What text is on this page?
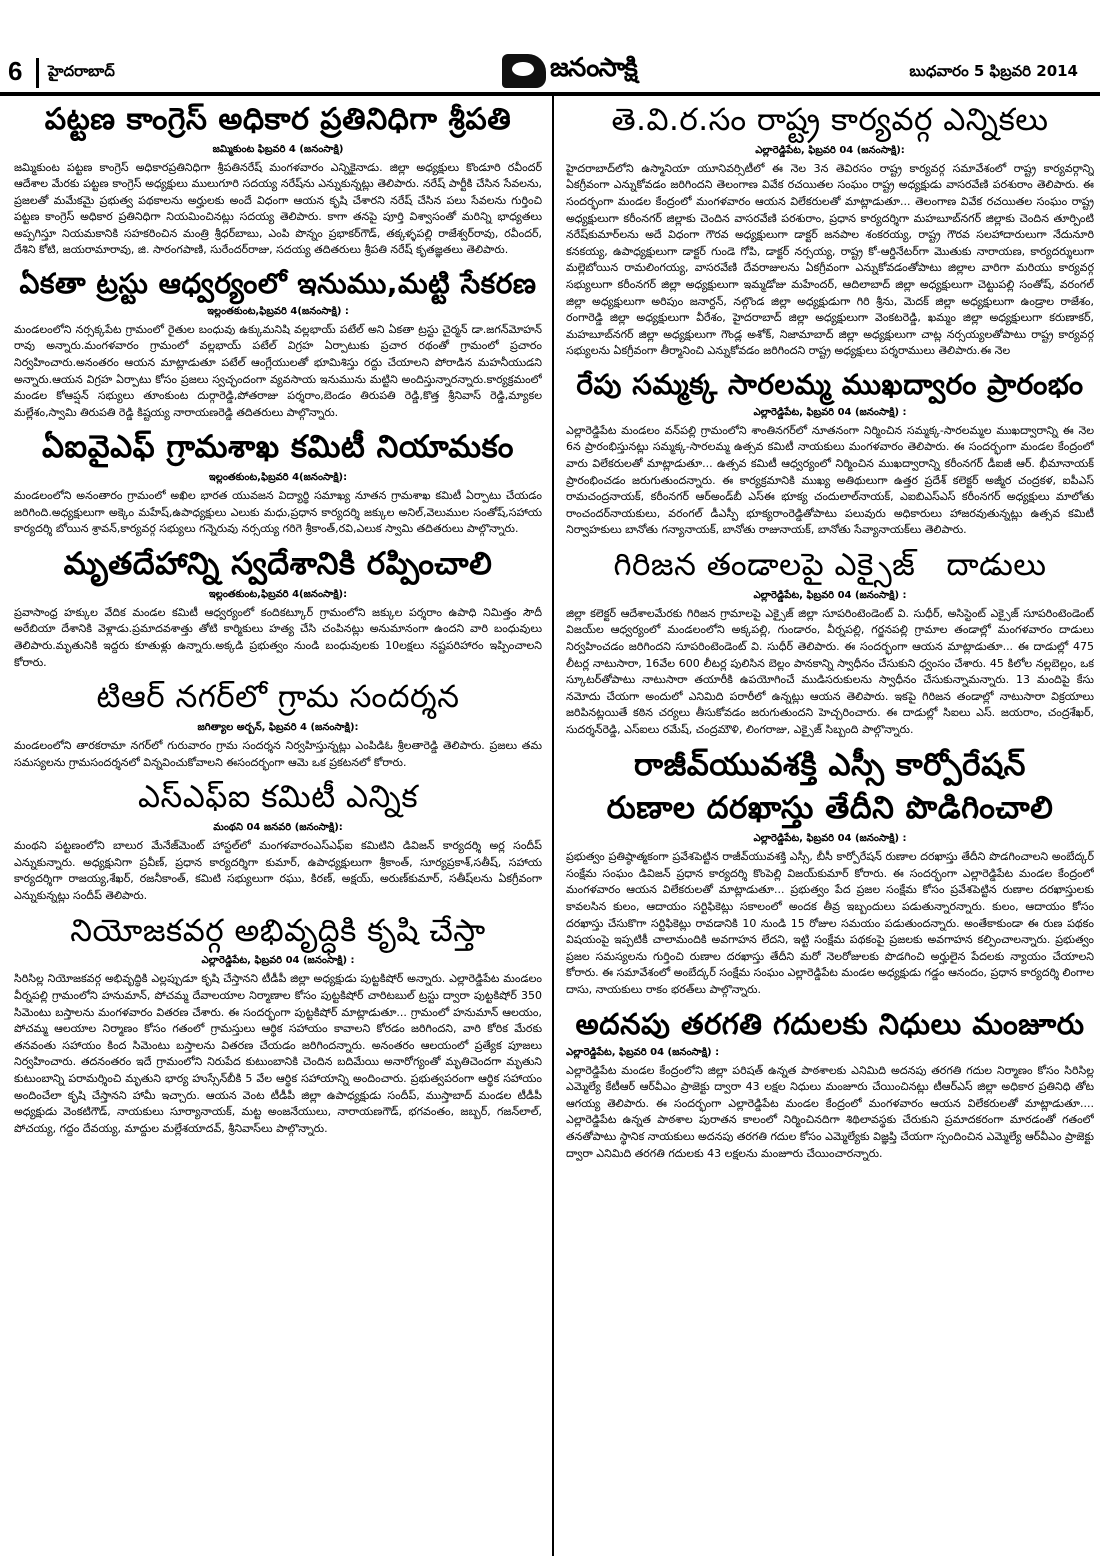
6 హైదరాబాద్	జనంసాక్షి	బుధవారం 5 ఫిబ్రవరి 2014
పట్టణ కాంగ్రెస్ అధికార ప్రతినిధిగా శ్రీపతి
జమ్మికుంట ఫిబ్రవరి 4 (జనంసాక్షి)

జమ్మికుంట పట్టణ కాంగ్రెస్ అధికారప్రతినిధిగా శ్రీపతినరేష్ మంగళవారం ఎన్నికైనాడు. జిల్లా అధ్యక్షులు కొండూరి రవీందర్ ఆదేశాల మేరకు పట్టణ కాంగ్రెస్ అధ్యక్షులు ములుగూరి సదయ్య నరేష్‌ను ఎన్నుకున్నట్లు తెలిపారు. నరేష్ పార్టీకి చేసిన సేవలను, ప్రజలతో మమేకమై ప్రభుత్వ పథకాలను అర్హులకు అందే విధంగా ఆయన కృషి చేశారని నరేష్ చేసిన పలు సేవలను గుర్తించి పట్టణ కాంగ్రెస్ అధికార ప్రతినిధిగా నియమించినట్లు సదయ్య తెలిపారు. కాగా తనపై పూర్తి విశ్వాసంతో మరిన్ని భాధ్యతలు అప్పగిస్తూ నియమకానికి సహకరించిన మంత్రి శ్రీధర్‌బాబు, ఎంపి పొన్నం ప్రభాకర్‌గౌడ్, తక్కళ్ళపల్లి రాజేశ్వర్‌రావు, రవీందర్, దేశిని కోటి, జయరామారావు, జి. సారంగపాణి, సురేందర్‌రాజు, సదయ్య తదితరులు శ్రీపతి నరేష్ కృతజ్ఞతలు తెలిపారు.

ఏకతా ట్రస్టు ఆధ్వర్యంలో ఇనుము,మట్టి సేకరణ
ఇల్లంతకుంట,ఫిబ్రవరి 4(జనంసాక్షి) :

మండలంలోని నర్సక్కపేట గ్రామంలో రైతుల బంధువు ఉక్కుమనిషి వల్లభాయ్ పటేల్ అని ఏకతా ట్రస్టు చైర్మన్ డా.జగన్‌మోహన్ రావు అన్నారు.మంగళవారం గ్రామంలో వల్లభాయ్ పటేల్ విగ్రహ ఏర్పాటుకు ప్రచార రథంతో గ్రామంలో ప్రచారం నిర్వహించారు.అనంతరం ఆయన మాట్లాడుతూ పటేల్ ఆంగ్లేయులతో భూమిశిస్తు రద్దు చేయాలని పోరాడిన మహనీయుడని అన్నారు.ఆయన విగ్రహ ఏర్పాటు కోసం ప్రజలు స్వచ్ఛందంగా వ్యవసాయ ఇనుమును మట్టిని అందిస్తున్నారన్నారు.కార్యక్రమంలో మండల కోఆప్షన్ సభ్యులు తూంకుంట దుర్గారెడ్డి,పోతరాజు పర్శరాం,బెండం తిరుపతి రెడ్డి,కొత్త శ్రీనివాస్ రెడ్డి,మ్యాకల మల్లేశం,స్వామి తిరుపతి రెడ్డి కిష్టయ్య నారాయణరెడ్డి తదితరులు పాల్గొన్నారు.

ఏఐవైఎఫ్ గ్రామశాఖ కమిటీ నియామకం
ఇల్లంతకుంట,ఫిబ్రవరి 4(జనంసాక్షి):

మండలంలోని అనంతారం గ్రామంలో అఖిల భారత యువజన విద్యార్థి సమాఖ్య నూతన గ్రామశాఖ కమిటీ ఏర్పాటు చేయడం జరిగింది.అధ్యక్షులుగా అక్కెం మహేష్,ఉపాధ్యక్షులు ఎలుకు మధు,ప్రధాన కార్యదర్శి జక్కుల అనిల్,వెలుముల సంతోష్,సహాయ కార్యదర్శి బోయిన శ్రావన్,కార్యవర్గ సభ్యులు గన్నెరువు నర్సయ్య గరిగె శ్రీకాంత్,రవి,ఎలుక స్వామి తదితరులు పాల్గొన్నారు.

మృతదేహాన్ని స్వదేశానికి రప్పించాలి
ఇల్లంతకుంట,ఫిబ్రవరి 4(జనంసాక్షి):

ప్రవాసాంధ్ర హక్కుల వేదిక మండల కమిటీ ఆధ్వర్యంలో కందికట్కూర్ గ్రామంలోని జక్కుల పర్శరాం ఉపాధి నిమిత్తం సౌదీ అరేబియా దేశానికి వెళ్లాడు.ప్రమాదవశాత్తు తోటి కార్మికులు హత్య చేసి చంపినట్లు అనుమానంగా ఉందని వారి బంధువులు తెలిపారు.మృతునికి ఇద్దరు కూతుళ్లు ఉన్నారు.అక్కడి ప్రభుత్వం నుండి బంధువులకు 10లక్షలు నష్టపరిహారం ఇప్పించాలని కోరారు.

టిఆర్ నగర్‌లో గ్రామ సందర్శన
జగిత్యాల అర్బన్, ఫిబ్రవరి 4 (జనంసాక్షి):

మండలంలోని తారకరామా నగర్‌లో గురువారం గ్రామ సందర్శన నిర్వహిస్తున్నట్లు ఎంపిడిఓ శ్రీలతారెడ్డి తెలిపారు. ప్రజలు తమ సమస్యలను గ్రామసందర్శనలో విన్నవించుకోవాలని ఈసందర్భంగా ఆమె ఒక ప్రకటనలో కోరారు.

ఎస్‌ఎఫ్ఐ కమిటీ ఎన్నిక
మంథని 04 జనవరి (జనంసాక్షి):

మంథని పట్టణంలోని బాలుర మేనేజ్‌మెంట్ హాస్టల్‌లో మంగళవారంఎస్‌ఎఫ్ఐ కమిటిని డివిజన్ కార్యదర్శి అర్ల సందీప్ ఎన్నుకున్నారు. అధ్యక్షునిగా ప్రవీణ్, ప్రధాన కార్యదర్శిగా కుమార్, ఉపాధ్యక్షులుగా శ్రీకాంత్, సూర్యప్రకాశ్,సతీష్, సహాయ కార్యదర్శిగా రాజయ్య,శేఖర్, రజనీకాంత్, కమిటి సభ్యులుగా రఘు, కిరణ్, అక్షయ్, అరుణ్‌కుమార్, సతీష్‌లను ఏకగ్రీవంగా ఎన్నుకున్నట్లు సందీప్ తెలిపారు.

నియోజకవర్గ అభివృద్ధికి కృషి చేస్తా
ఎల్లారెడ్డిపేట, ఫిబ్రవరి 04 (జనంసాక్షి) :

సిరిసిల్ల నియోజకవర్గ అభివృద్ధికి ఎల్లప్పుడూ కృషి చేస్తానని టీడీపీ జిల్లా అధ్యక్షుడు పుట్టకిషోర్ అన్నారు. ఎల్లారెడ్డిపేట మండలం వీర్నపల్లి గ్రామంలోని హనుమాన్, పోచమ్మ దేవాలయాల నిర్మాణాల కోసం పుట్టకిషోర్ చారిటబుల్ ట్రస్టు ద్వారా పుట్టకిషోర్ 350 సిమెంటు బస్తాలను మంగళవారం వితరణ చేశారు. ఈ సందర్భంగా పుట్టకిషోర్ మాట్లాడుతూ... గ్రామంలో హనుమాన్ ఆలయం, పోచమ్మ ఆలయాల నిర్మాణం కోసం గతంలో గ్రామస్తులు ఆర్థిక సహాయం కావాలని కోరడం జరిగిందని, వారి కోరిక మేరకు తనవంతు సహాయం కింద సిమెంటు బస్తాలను వితరణ చేయడం జరిగిందన్నారు. అనంతరం ఆలయంలో ప్రత్యేక పూజలు నిర్వహించారు. తదనంతరం ఇదే గ్రామంలోని నిరుపేద కుటుంబానికి చెందిన బదిమేయి అనారోగ్యంతో మృతిచెందగా మృతుని కుటుంబాన్ని పరామర్శించి మృతుని భార్య హుస్సేన్‌బీకి 5 వేల ఆర్థిక సహాయాన్ని అందించారు. ప్రభుత్వపరంగా ఆర్థిక సహాయం అందించేలా కృషి చేస్తానని హామీ ఇచ్చారు. ఆయన వెంట టీడీపీ జిల్లా ఉపాధ్యక్షుడు సందీప్, ముస్తాబాద్ మండల టీడీపీ అధ్యక్షుడు వెంకటిగౌడ్, నాయకులు సూర్యానాయక్, మట్ట అంజనేయులు, నారాయణగౌడ్, భగవంతం, జబ్బర్, గజన్‌లాల్, పోచయ్య, గద్దం దేవయ్య, మాద్దుల మల్లేశయాదవ్, శ్రీనివాస్‌లు పాల్గొన్నారు.

తె.వి.ర.సం రాష్ట్ర కార్యవర్గ ఎన్నికలు
ఎల్లారెడ్డిపేట, ఫిబ్రవరి 04 (జనంసాక్షి):

హైదరాబాద్‌లోని ఉస్మానియా యూనివర్సిటీలో ఈ నెల 3న తెవిరసం రాష్ట్ర కార్యవర్గ సమావేశంలో రాష్ట్ర కార్యవర్గాన్ని ఏకగ్రీవంగా ఎన్నుకోవడం జరిగిందని తెలంగాణ వివేక రచయితల సంఘం రాష్ట్ర అధ్యక్షుడు వాసరవేణి పరశురాం తెలిపారు. ఈ సందర్భంగా మండల కేంద్రంలో మంగళవారం ఆయన విలేకరులతో మాట్లాడుతూ... తెలంగాణ వివేక రచయితల సంఘం రాష్ట్ర అధ్యక్షులుగా కరీంనగర్ జిల్లాకు చెందిన వాసరవేణి పరశురాం, ప్రధాన కార్యదర్శిగా మహబూబ్‌నగర్ జిల్లాకు చెందిన తూర్పింటి నరేష్‌కుమార్‌లను అదే విధంగా గౌరవ అధ్యక్షులుగా డాక్టర్ జనపాల శంకరయ్య, రాష్ట్ర గౌరవ సలహాదారులుగా నేదునూరి కనకయ్య, ఉపాధ్యక్షులుగా డాక్టర్ గుండె గోపి, డాక్టర్ నర్సయ్య, రాష్ట్ర కో-ఆర్డినేటర్‌గా మొతుకు నారాయణ, కార్యదర్శులుగా మల్లెబోయిన రామలింగయ్య, వాసరవేణి దేవరాజులను ఏకగ్రీవంగా ఎన్నుకోవడంతోపాటు జిల్లాల వారిగా మరియు కార్యవర్గ సభ్యులుగా కరీంనగర్ జిల్లా అధ్యక్షులుగా ఇమ్మడోజు మహేందర్, ఆదిలాబాద్ జిల్లా అధ్యక్షులుగా చెట్టుపల్లి సంతోష్, వరంగల్ జిల్లా అధ్యక్షులుగా అరిపుం జనార్దన్, నల్గొండ జిల్లా అధ్యక్షుడుగా గిరి శ్రీను, మెదక్ జిల్లా అధ్యక్షులుగా ఉండ్రాల రాజేశం, రంగారెడ్డి జిల్లా అధ్యక్షులుగా వీరేశం, హైదరాబాద్ జిల్లా అధ్యక్షులుగా వెంకటరెడ్డి, ఖమ్మం జిల్లా అధ్యక్షులుగా కరుణాకర్, మహబూబ్‌నగర్ జిల్లా అధ్యక్షులుగా గౌండ్ల అశోక్, నిజామాబాద్ జిల్లా అధ్యక్షులుగా చాట్ల నర్సయ్యలతోపాటు రాష్ట్ర కార్యవర్గ సభ్యులను ఏకగ్రీవంగా తీర్మానించి ఎన్నుకోవడం జరిగిందని రాష్ట్ర అధ్యక్షులు పర్శరాములు తెలిపారు.ఈ నెల

రేపు సమ్మక్క సారలమ్మ ముఖద్వారం ప్రారంభం
ఎల్లారెడ్డిపేట, ఫిబ్రవరి 04 (జనంసాక్షి) :

ఎల్లారెడ్డిపేట మండలం వన్‌పల్లి గ్రామంలోని శాంతినగర్‌లో నూతనంగా నిర్మించిన సమ్మక్క-సారలమ్మల ముఖద్వారాన్ని ఈ నెల 6న ప్రారంభిస్తునట్లు సమ్మక్క-సారలమ్మ ఉత్సవ కమిటీ నాయకులు మంగళవారం తెలిపారు. ఈ సందర్భంగా మండల కేంద్రంలో వారు విలేకరులతో మాట్లాడుతూ... ఉత్సవ కమిటీ ఆధ్వర్యంలో నిర్మించిన ముఖద్వారాన్ని కరీంనగర్ డీఐజీ ఆర్. భీమానాయక్ ప్రారంభించడం జరుగుతుందన్నారు. ఈ కార్యక్రమానికి ముఖ్య అతిథులుగా ఉత్తర ప్రదేశ్ కలెక్టర్ అజ్మీర చంద్రకళ, ఐపీఎస్ రామచంద్రనాయక్, కరీంనగర్ ఆర్‌అండ్‌బీ ఎస్ఈ భూక్య చందులాల్‌నాయక్, ఎఐబిఎస్ఎస్ కరీంనగర్ అధ్యక్షులు మాలోతు రాంచందర్‌నాయకులు, వరంగల్ డీఎస్పీ భూక్యరాంరెడ్డితోపాటు పలువురు అధికారులు హాజరవుతున్నట్లు ఉత్సవ కమిటీ నిర్వాహకులు బానోతు గన్యానాయక్, బానోతు రాజునాయక్, బానోతు సేవ్యానాయక్‌లు తెలిపారు.

గిరిజన తండాలపై ఎక్సైజ్   దాడులు
ఎల్లారెడ్డిపేట, ఫిబ్రవరి 04 (జనంసాక్షి) :

జిల్లా కలెక్టర్ ఆదేశాలమేరకు గిరిజన గ్రామాలపై ఎక్సైజ్ జిల్లా సూపరింటెండెంట్ వి. సుధీర్, అసిస్టెంట్ ఎక్సైజ్ సూపరింటెండెంట్ విజయ్‌ల ఆధ్వర్యంలో మండలంలోని అక్కపల్లి, గుండారం, వీర్నపల్లి, గర్జనపల్లి గ్రామాల తండాల్లో మంగళవారం దాడులు నిర్వహించడం జరిగిందని సూపరింటెండెంట్ వి. సుధీర్ తెలిపారు. ఈ సందర్భంగా ఆయన మాట్లాడుతూ... ఈ దాడుల్లో 475 లీటర్ల నాటుసారా, 16వేల 600 లీటర్ల పులిసిన బెల్లం పానకాన్ని స్వాధీనం చేసుకుని ధ్వంసం చేశారు. 45 కిలోల నల్లబెల్లం, ఒక స్కూటర్‌తోపాటు నాటుసారా తయారీకి ఉపయోగించే ముడిసరుకులను స్వాధీనం చేసుకున్నామన్నారు. 13 మందిపై కేసు నమోదు చేయగా అందులో ఎనిమిది పరారీలో ఉన్నట్లు ఆయన తెలిపారు. ఇకపై గిరిజన తండాల్లో నాటుసారా విక్రయాలు జరిపినట్లయితే కఠిన చర్యలు తీసుకోవడం జరుగుతుందని హెచ్చరించారు. ఈ దాడుల్లో సిఐలు ఎస్. జయరాం, చంద్రశేఖర్, సుదర్శన్‌రెడ్డి, ఎస్‌ఐలు రమేష్, చంద్రమౌళి, లింగరాజు, ఎక్సైజ్ సిబ్బంది పాల్గొన్నారు.

రాజీవ్‌యువశక్తి ఎస్సీ కార్పోరేషన్
రుణాల దరఖాస్తు తేదీని పొడిగించాలి
ఎల్లారెడ్డిపేట, ఫిబ్రవరి 04 (జనంసాక్షి) :

ప్రభుత్వం ప్రతిష్ఠాత్మకంగా ప్రవేశపెట్టిన రాజీవ్‌యువశక్తి ఎస్సీ, బీసీ కార్పోరేషన్ రుణాల దరఖాస్తు తేదీని పొడగించాలని అంబేద్కర్ సంక్షేమ సంఘం డివిజన్ ప్రధాన కార్యదర్శి కొంపెల్లి విజయ్‌కుమార్ కోరారు. ఈ సందర్భంగా ఎల్లారెడ్డిపేట మండల కేంద్రంలో మంగళవారం ఆయన విలేకరులతో మాట్లాడుతూ... ప్రభుత్వం పేద ప్రజల సంక్షేమ కోసం ప్రవేశపెట్టిన రుణాల దరఖాస్తులకు కావలసిన కులం, ఆదాయం సర్టిఫికెట్లు సకాలంలో అందక తీవ్ర ఇబ్బందులు పడుతున్నారన్నారు. కులం, ఆదాయం కోసం దరఖాస్తు చేసుకొగా సర్టిఫికెట్లు రావడానికి 10 నుండి 15 రోజుల సమయం పడుతుందన్నారు. అంతేకాకుండా ఈ రుణ పథకం విషయంపై ఇప్పటికీ చాలామందికి అవగాహన లేదని, ఇట్టి సంక్షేమ పథకంపై ప్రజలకు అవగాహన కల్పించాలన్నారు. ప్రభుత్వం ప్రజల సమస్యలను గుర్తించి రుణాల దరఖాస్తు తేదీని మరో నెలరోజులకు పొడగించి అర్హులైన పేదలకు న్యాయం చేయాలని కోరారు. ఈ సమావేశంలో అంబేద్కర్ సంక్షేమ సంఘం ఎల్లారెడ్డిపేట మండల అధ్యక్షుడు గడ్డం ఆనందం, ప్రధాన కార్యదర్శి లింగాల దాసు, నాయకులు రాకం భరత్‌లు పాల్గొన్నారు.

అదనపు తరగతి గదులకు నిధులు మంజూరు
ఎల్లారెడ్డిపేట, ఫిబ్రవరి 04 (జనంసాక్షి) :

ఎల్లారెడ్డిపేట మండల కేంద్రంలోని జిల్లా పరిషత్ ఉన్నత పాఠశాలకు ఎనిమిది అదనపు తరగతి గదుల నిర్మాణం కోసం సిరిసిల్ల ఎమ్మెల్యే కేటీఆర్ ఆర్‌వీఎం ప్రాజెక్టు ద్వారా 43 లక్షల నిధులు మంజూరు చేయించినట్లు టీఆర్ఎస్ జిల్లా అధికార ప్రతినిధి తోట ఆగయ్య తెలిపారు. ఈ సందర్భంగా ఎల్లారెడ్డిపేట మండల కేంద్రంలో మంగళవారం ఆయన విలేకరులతో మాట్లాడుతూ.... ఎల్లారెడ్డిపేట ఉన్నత పాఠశాల పురాతన కాలంలో నిర్మించినదిగా శిథిలావస్థకు చేరుకుని ప్రమాదకరంగా మారడంతో గతంలో తనతోపాటు స్థానిక నాయకులు అదనపు తరగతి గదుల కోసం ఎమ్మెల్యేకు విజ్ఞప్తి చేయగా స్పందించిన ఎమ్మెల్యే ఆర్‌వీఎం ప్రాజెక్టు ద్వారా ఎనిమిది తరగతి గదులకు 43 లక్షలను మంజూరు చేయించారన్నారు.
